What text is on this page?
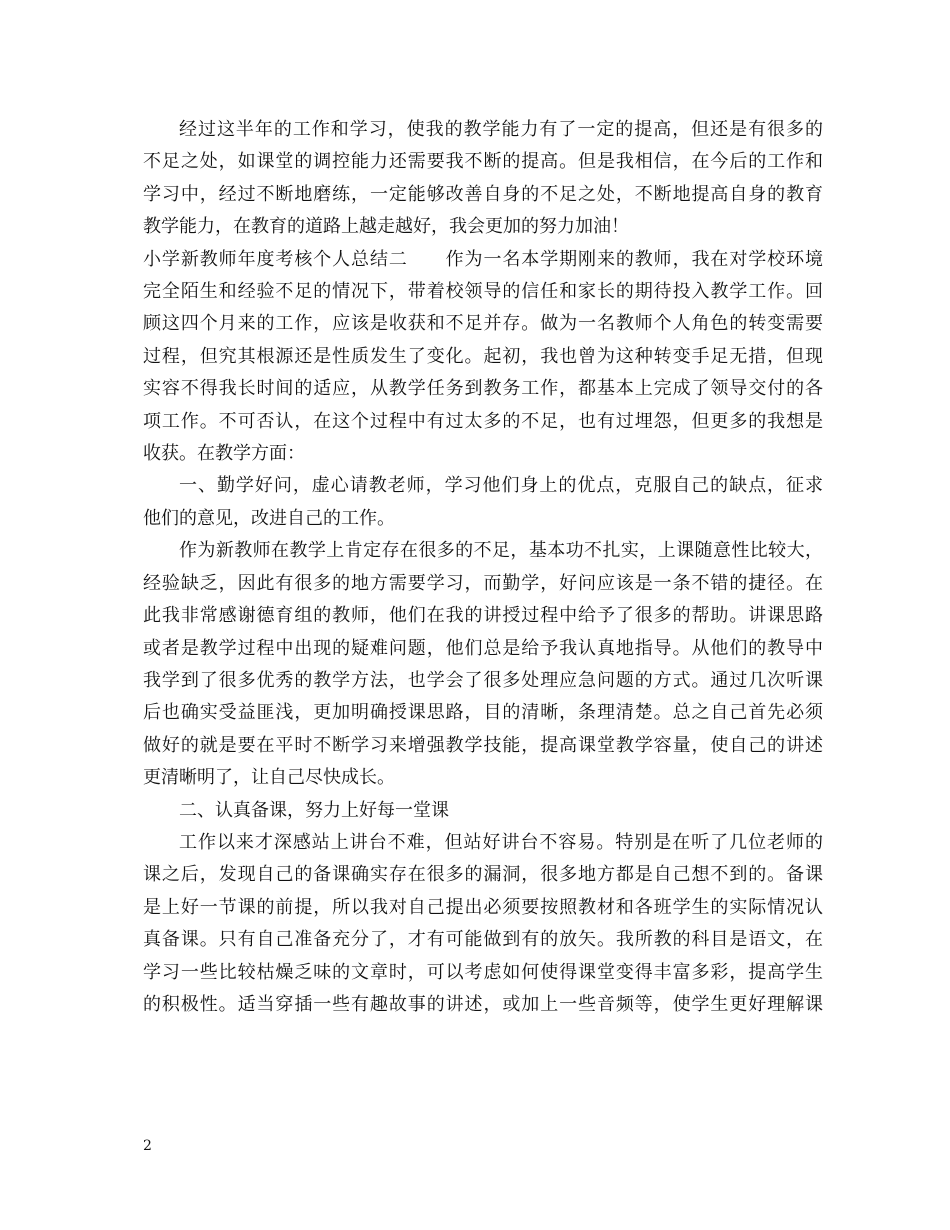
经过这半年的工作和学习，使我的教学能力有了一定的提高，但还是有很多的
不足之处，如课堂的调控能力还需要我不断的提高。但是我相信，在今后的工作和
学习中，经过不断地磨练，一定能够改善自身的不足之处，不断地提高自身的教育
教学能力，在教育的道路上越走越好，我会更加的努力加油！
小学新教师年度考核个人总结二　　作为一名本学期刚来的教师，我在对学校环境
完全陌生和经验不足的情况下，带着校领导的信任和家长的期待投入教学工作。回
顾这四个月来的工作，应该是收获和不足并存。做为一名教师个人角色的转变需要
过程，但究其根源还是性质发生了变化。起初，我也曾为这种转变手足无措，但现
实容不得我长时间的适应，从教学任务到教务工作，都基本上完成了领导交付的各
项工作。不可否认，在这个过程中有过太多的不足，也有过埋怨，但更多的我想是
收获。在教学方面：
一、勤学好问，虚心请教老师，学习他们身上的优点，克服自己的缺点，征求
他们的意见，改进自己的工作。
作为新教师在教学上肯定存在很多的不足，基本功不扎实，上课随意性比较大，
经验缺乏，因此有很多的地方需要学习，而勤学，好问应该是一条不错的捷径。在
此我非常感谢德育组的教师，他们在我的讲授过程中给予了很多的帮助。讲课思路
或者是教学过程中出现的疑难问题，他们总是给予我认真地指导。从他们的教导中
我学到了很多优秀的教学方法，也学会了很多处理应急问题的方式。通过几次听课
后也确实受益匪浅，更加明确授课思路，目的清晰，条理清楚。总之自己首先必须
做好的就是要在平时不断学习来增强教学技能，提高课堂教学容量，使自己的讲述
更清晰明了，让自己尽快成长。
二、认真备课，努力上好每一堂课
工作以来才深感站上讲台不难，但站好讲台不容易。特别是在听了几位老师的
课之后，发现自己的备课确实存在很多的漏洞，很多地方都是自己想不到的。备课
是上好一节课的前提，所以我对自己提出必须要按照教材和各班学生的实际情况认
真备课。只有自己准备充分了，才有可能做到有的放矢。我所教的科目是语文，在
学习一些比较枯燥乏味的文章时，可以考虑如何使得课堂变得丰富多彩，提高学生
的积极性。适当穿插一些有趣故事的讲述，或加上一些音频等，使学生更好理解课
2
